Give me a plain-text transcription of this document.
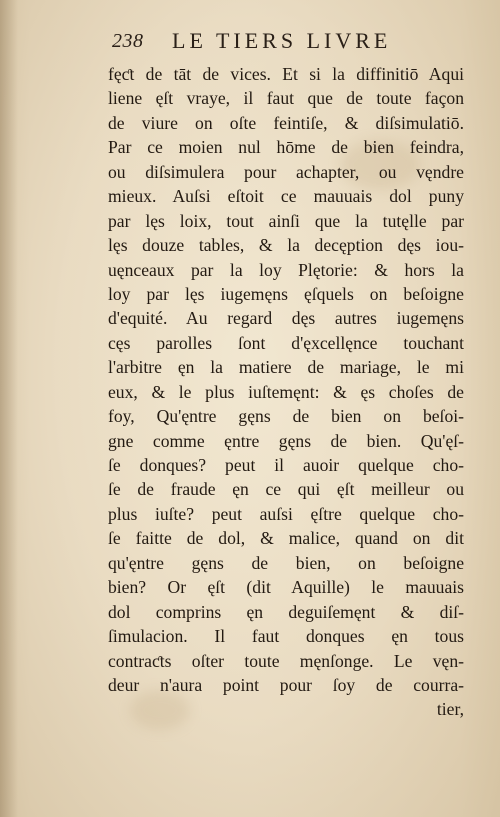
238 LE TIERS LIVRE
fęƈt de tāt de vices. Et si la diffinitiō Aqui
liene ęſt vraye, il faut que de toute façon
de viure on oſte feintiſe, & diſsimulatiō.
Par ce moien nul hōme de bien feindra,
ou diſsimulera pour achapter, ou vęndre
mieux. Auſsi eſtoit ce mauuais dol puny
par lęs loix, tout ainſi que la tutęlle par
lęs douze tables, & la decęption dęs iou-
uęnceaux par la loy Plętorie: & hors la
loy par lęs iugemęns ęſquels on beſoigne
d'equité. Au regard dęs autres iugemęns
cęs parolles ſont d'ęxcellęnce touchant
l'arbitre ęn la matiere de mariage, le mi
eux, & le plus iuſtemęnt: & ęs choſes de
foy, Qu'ęntre gęns de bien on beſoi-
gne comme ęntre gęns de bien. Qu'ęſ-
ſe donques? peut il auoir quelque cho-
ſe de fraude ęn ce qui ęſt meilleur ou
plus iuſte? peut auſsi ęſtre quelque cho-
ſe faitte de dol, & malice, quand on dit
qu'ęntre gęns de bien, on beſoigne
bien? Or ęſt (dit Aquille) le mauuais
dol comprins ęn deguiſemęnt & diſ-
ſimulacion. Il faut donques ęn tous
contraƈts oſter toute męnſonge. Le vęn-
deur n'aura point pour ſoy de courra-
tier,
